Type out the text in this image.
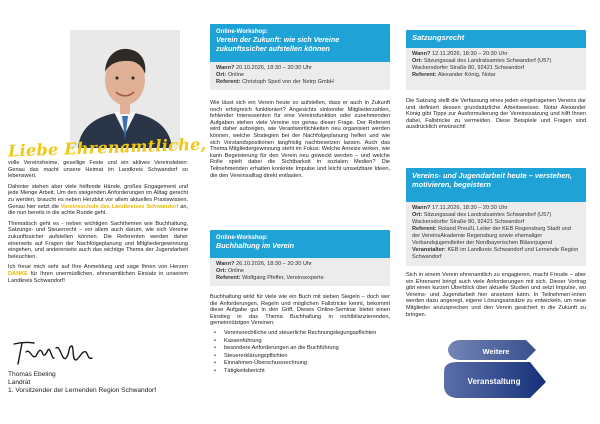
Liebe Ehrenamtliche,

volle Vereinsheime, gesellige Feste und ein aktives Vereinsleben: Genau das macht unsere Heimat im Landkreis Schwandorf so lebenswert.

Dahinter stehen aber viele helfende Hände, großes Engagement und jede Menge Arbeit. Um den steigenden Anforderungen im Alltag gerecht zu werden, braucht es neben Herzblut vor allem aktuelles Praxiswissen. Genau hier setzt die Vereinsschule des Landkreises Schwandorf an, die nun bereits in die achte Runde geht.

Thematisch geht es - neben wichtigen Sachthemen wie Buchhaltung, Satzungs- und Steuerrecht – vor allem auch darum, wie sich Vereine zukunftssicher aufstellen können. Die Referenten werden daher einerseits auf Fragen der Nachfolgeplanung und Mitgliedergewinnung eingehen, und andererseits auch das wichtige Thema der Jugendarbeit beleuchten.

Ich freue mich sehr auf Ihre Anmeldung und sage Ihnen von Herzen DANKE für Ihren unermüdlichen, ehrenamtlichen Einsatz in unserem Landkreis Schwandorf!

Thomas Ebeling
Landrat
1. Vorsitzender der Lernenden Region Schwandorf
Online-Workshop:
Verein der Zukunft: wie sich Vereine zukunftssicher aufstellen können
Wann? 20.10.2026, 18:30 – 20:30 Uhr
Ort: Online
Referent: Christoph Sperl von der Netrp GmbH
Wie lässt sich ein Verein heute so aufstellen, dass er auch in Zukunft noch erfolgreich funktioniert? Angesichts sinkender Mitgliederzahlen, fehlender Interessenten für eine Vereinsfunktion oder zunehmenden Aufgaben stehen viele Vereine vor genau dieser Frage. Der Referent wird daher aufzeigen, wie Verantwortlichkeiten neu organisiert werden können, welche Strategien bei der Nachfolgeplanung helfen und wie sich Vorstandspositionen langfristig nachbesetzen lassen. Auch das Thema Mitgliedergewinnung steht im Fokus: Welche Anreize wirken, wie kann Begeisterung für den Verein neu geweckt werden – und welche Rolle spielt dabei die Sichtbarkeit in sozialen Medien? Die Teilnehmenden erhalten konkrete Impulse und leicht umsetzbare Ideen, die den Vereinsalltag direkt entlasten.
Online-Workshop:
Buchhaltung im Verein
Wann? 26.10.2026, 18:30 – 20:30 Uhr
Ort: Online
Referent: Wolfgang Pfeffer, Vereinsexperte
Buchhaltung wirkt für viele wie ein Buch mit sieben Siegeln – doch wer die Anforderungen, Regeln und möglichen Fallstricke kennt, bekommt diese Aufgabe gut in den Griff. Dieses Online-Seminar bietet einen Einstieg in das Thema Buchhaltung in nichtbilanzierenden, gemeinnützigen Vereinen:
• Vereinsrechtliche und steuerliche Rechnungslegungspflichten
• Kassenführung
• besondere Anforderungen an die Buchführung
• Steuererklärungspflichten
• Einnahmen-Überschussrechnung
• Tätigkeitsbericht
Satzungsrecht
Wann? 12.11.2026, 18:30 – 20:30 Uhr
Ort: Sitzungssaal des Landratsamtes Schwandorf (U57) Wackersdorfer Straße 80, 92421 Schwandorf
Referent: Alexander König, Notar
Die Satzung stellt die Verfassung eines jeden eingetragenen Vereins dar und definiert dessen grundsätzliche Arbeitsweisen. Notar Alexander König gibt Tipps zur Ausformulierung der Vereinssatzung und hilft Ihnen dabei, Fallstricke zu vermeiden. Diese Beispiele und Fragen sind ausdrücklich erwünscht!
Vereins- und Jugendarbeit heute – verstehen, motivieren, begeistern
Wann? 17.11.2026, 18:30 – 20:30 Uhr
Ort: Sitzungssaal des Landratsamtes Schwandorf (U57) Wackersdorfer Straße 80, 92421 Schwandorf
Referent: Roland Preußl, Leiter der KEB Regensburg Stadt und der VereinsAkademie Regensburg sowie ehemaliger Verbandsjugendleiter der Nordbayerischen Bläserjugend
Veranstalter: KEB im Landkreis Schwandorf und Lernende Region Schwandorf
Sich in einem Verein ehrenamtlich zu engagieren, macht Freude – aber ein Ehrenamt bringt auch viele Anforderungen mit sich. Dieser Vortrag gibt einen kurzen Überblick über aktuelle Studien und setzt Impulse, wo Vereins- und Jugendarbeit hier ansetzen kann. In Teilnehmer/-innen werden dazu angeregt, eigene Lösungsansätze zu entwickeln, um neue Mitglieder anzusprechen und den Verein gesichert in die Zukunft zu bringen.
Weitere
Veranstaltung
